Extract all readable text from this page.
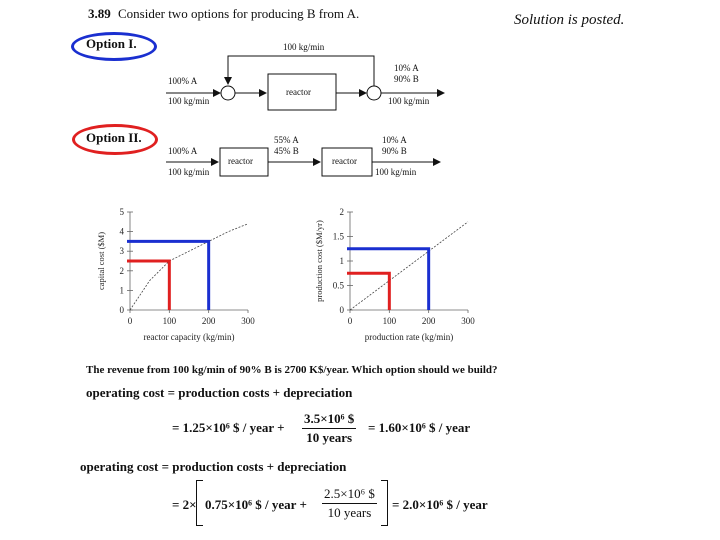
3.89 Consider two options for producing B from A.	Solution is posted.
Option I.
Option II.
100 kg/min
100% A
100 kg/min
reactor
10% A
90% B
100 kg/min
100% A
100 kg/min
reactor
55% A
45% B
reactor
10% A
90% B
100 kg/min
0
1
2
3
4
5
0	100	200	300
reactor capacity (kg/min)
capital cost ($M)
0
0.5
1
1.5
2
0	100	200	300
production rate (kg/min)
production cost ($M/yr)
The revenue from 100 kg/min of 90% B is 2700 K$/year. Which option should we build?
operating cost = production costs + depreciation
= 1.25×10⁶ $ / year +
3.5×10⁶ $
10 years
= 1.60×10⁶ $ / year
operating cost = production costs + depreciation
= 2× 0.75×10⁶ $ / year +
2.5×10⁶ $
10 years
= 2.0×10⁶ $ / year
